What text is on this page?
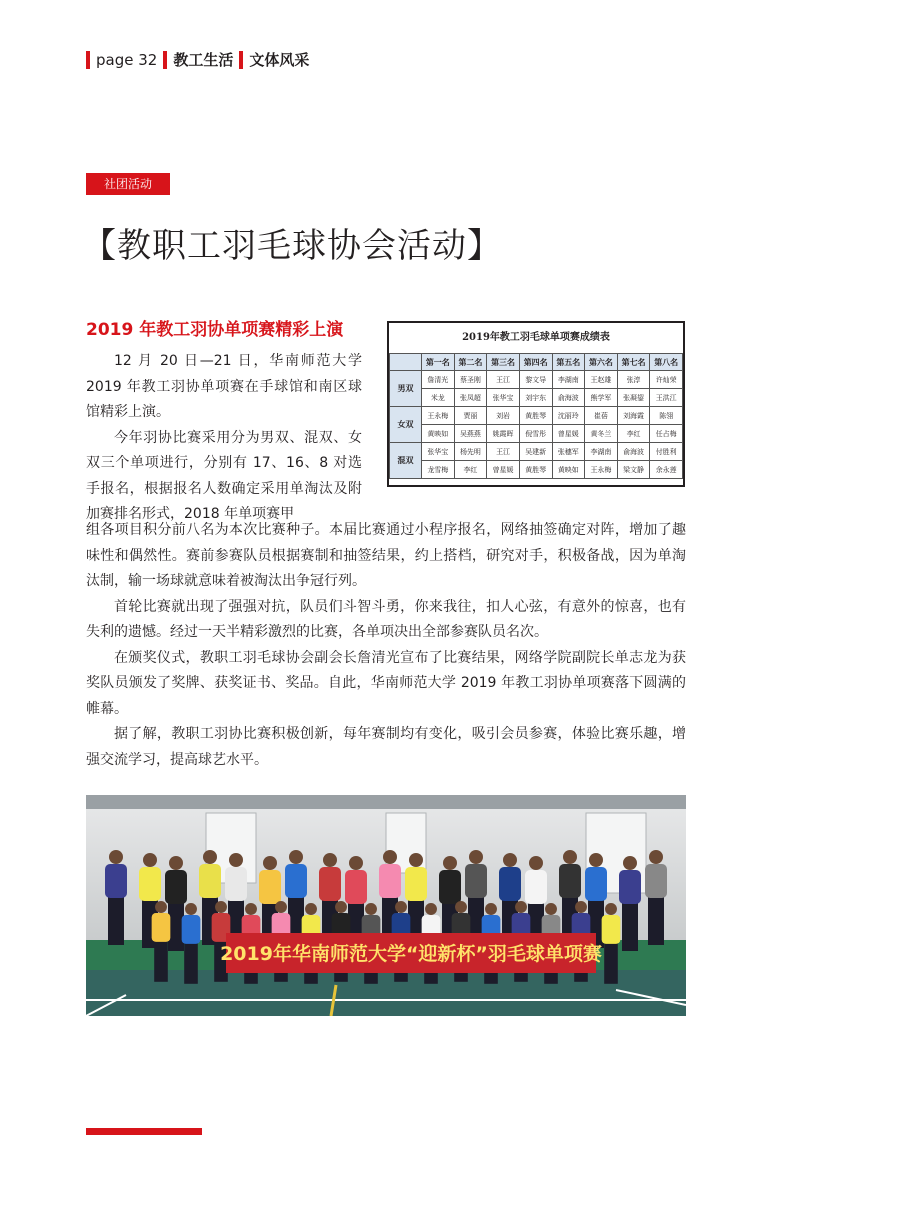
page 32 教工生活 文体风采
社团活动
【教职工羽毛球协会活动】
2019 年教工羽协单项赛精彩上演

12 月 20 日—21 日，华南师范大学 2019 年教工羽协单项赛在手球馆和南区球馆精彩上演。

今年羽协比赛采用分为男双、混双、女双三个单项进行，分别有 17、16、8 对选手报名，根据报名人数确定采用单淘汰及附加赛排名形式，2018 年单项赛甲

组各项目积分前八名为本次比赛种子。本届比赛通过小程序报名，网络抽签确定对阵，增加了趣味性和偶然性。赛前参赛队员根据赛制和抽签结果，约上搭档，研究对手，积极备战，因为单淘汰制，输一场球就意味着被淘汰出争冠行列。

首轮比赛就出现了强强对抗，队员们斗智斗勇，你来我往，扣人心弦，有意外的惊喜，也有失利的遗憾。经过一天半精彩激烈的比赛，各单项决出全部参赛队员名次。

在颁奖仪式，教职工羽毛球协会副会长詹清光宣布了比赛结果，网络学院副院长单志龙为获奖队员颁发了奖牌、获奖证书、奖品。自此，华南师范大学 2019 年教工羽协单项赛落下圆满的帷幕。

据了解，教职工羽协比赛积极创新，每年赛制均有变化，吸引会员参赛，体验比赛乐趣，增强交流学习，提高球艺水平。

2019年教工羽毛球单项赛成绩表
	第一名	第二名	第三名	第四名	第五名	第六名	第七名	第八名
男双	詹清光	蔡圣刚	王江	黎文导	李湖南	王赵雄	张淳	许灿荣
	米龙	张凤超	张华宝	刘宇东	俞海波	熊学军	张凝鋆	王洪江
女双	王永梅	贾丽	刘岩	黄胜琴	沈丽玲	崔蓓	刘海霞	陈翎
	黄映如	吴燕燕	姚霞晖	倪雪彤	曾星媛	黄冬兰	李红	任占梅
混双	张华宝	杨先明	王江	吴建新	张穗军	李湖南	俞海波	付胜利
	龙雪梅	李红	曾星媛	黄胜琴	黄映如	王永梅	梁文静	余永莲
2019年华南师范大学“迎新杯”羽毛球单项赛
